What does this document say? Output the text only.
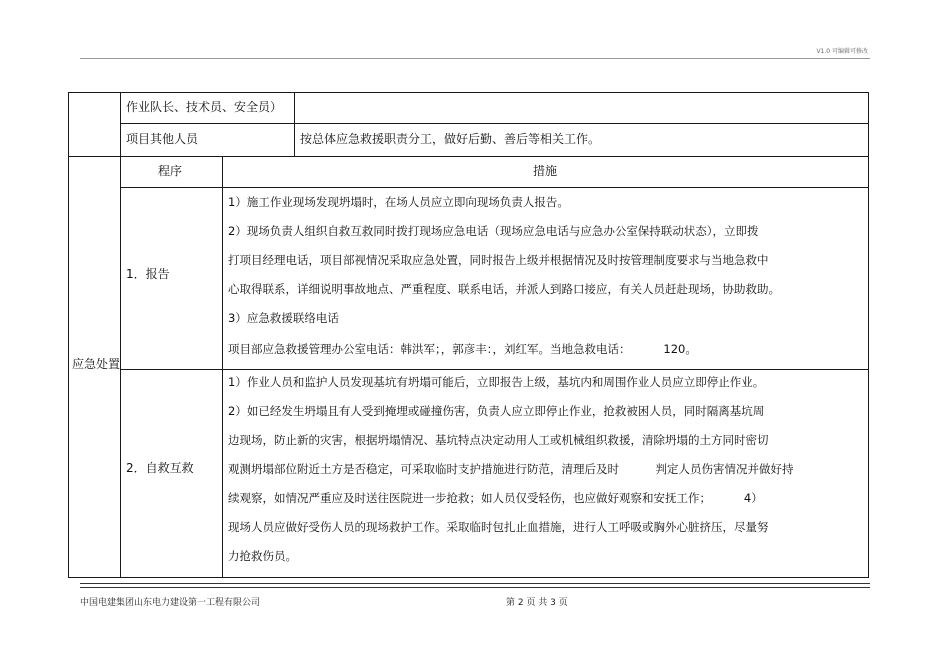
V1.0 可编辑可修改
作业队长、技术员、安全员）
项目其他人员	按总体应急救援职责分工，做好后勤、善后等相关工作。
应急处置
程序	措施
1．报告
1）施工作业现场发现坍塌时，在场人员应立即向现场负责人报告。
2）现场负责人组织自救互救同时拨打现场应急电话（现场应急电话与应急办公室保持联动状态），立即拨
打项目经理电话，项目部视情况采取应急处置，同时报告上级并根据情况及时按管理制度要求与当地急救中
心取得联系，详细说明事故地点、严重程度、联系电话，并派人到路口接应，有关人员赶赴现场，协助救助。
3）应急救援联络电话
项目部应急救援管理办公室电话：韩洪军；，郭彦丰：，刘红军。当地急救电话：         120。
2．自救互救
1）作业人员和监护人员发现基坑有坍塌可能后，立即报告上级，基坑内和周围作业人员应立即停止作业。
2）如已经发生坍塌且有人受到掩埋或碰撞伤害，负责人应立即停止作业，抢救被困人员，同时隔离基坑周
边现场，防止新的灾害，根据坍塌情况、基坑特点决定动用人工或机械组织救援，清除坍塌的土方同时密切
观测坍塌部位附近土方是否稳定，可采取临时支护措施进行防范，清理后及时          判定人员伤害情况并做好持
续观察，如情况严重应及时送往医院进一步抢救；如人员仅受轻伤，也应做好观察和安抚工作；         4）
现场人员应做好受伤人员的现场救护工作。采取临时包扎止血措施，进行人工呼吸或胸外心脏挤压，尽量努
力抢救伤员。
中国电建集团山东电力建设第一工程有限公司	第 2 页 共 3 页
